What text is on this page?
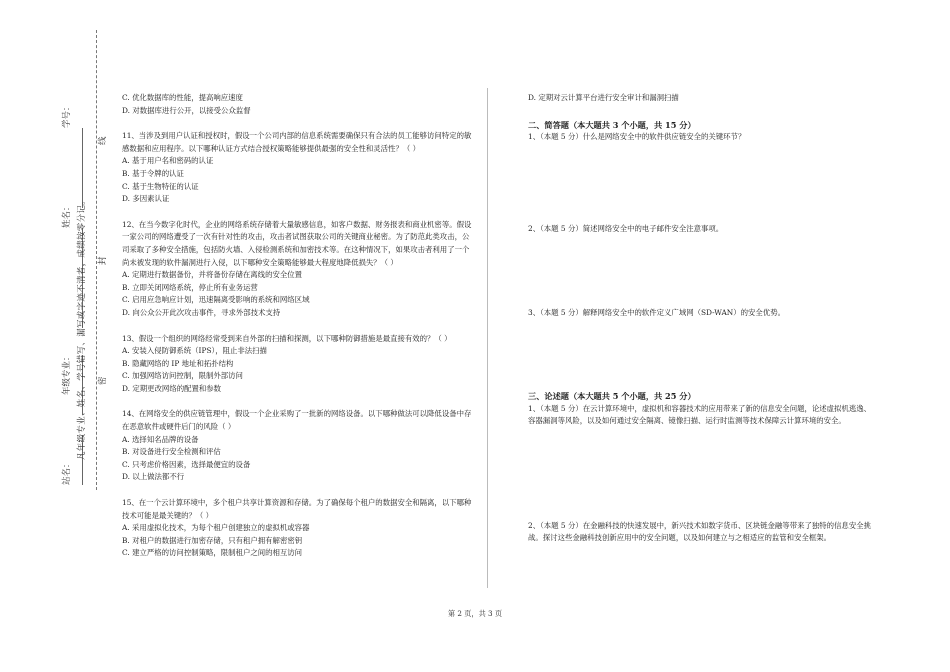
学号：
姓名：
年级专业： 凡年级专业、姓名、学号错写、漏写或字迹不清者，成绩按零分记。
线
封
密
站名：

C. 优化数据库的性能，提高响应速度

D. 对数据库进行公开，以接受公众监督

11、当涉及到用户认证和授权时，假设一个公司内部的信息系统需要确保只有合法的员工能够访问特定的敏感数据和应用程序。以下哪种认证方式结合授权策略能够提供最强的安全性和灵活性？（ ）

A. 基于用户名和密码的认证

B. 基于令牌的认证

C. 基于生物特征的认证

D. 多因素认证

12、在当今数字化时代，企业的网络系统存储着大量敏感信息，如客户数据、财务报表和商业机密等。假设一家公司的网络遭受了一次有针对性的攻击，攻击者试图获取公司的关键商业秘密。为了防范此类攻击，公司采取了多种安全措施，包括防火墙、入侵检测系统和加密技术等。在这种情况下，如果攻击者利用了一个尚未被发现的软件漏洞进行入侵，以下哪种安全策略能够最大程度地降低损失？（ ）

A. 定期进行数据备份，并将备份存储在离线的安全位置

B. 立即关闭网络系统，停止所有业务运营

C. 启用应急响应计划，迅速隔离受影响的系统和网络区域

D. 向公众公开此次攻击事件，寻求外部技术支持

13、假设一个组织的网络经常受到来自外部的扫描和探测，以下哪种防御措施是最直接有效的？（ ）

A. 安装入侵防御系统（IPS），阻止非法扫描

B. 隐藏网络的 IP 地址和拓扑结构

C. 加强网络访问控制，限制外部访问

D. 定期更改网络的配置和参数

14、在网络安全的供应链管理中，假设一个企业采购了一批新的网络设备。以下哪种做法可以降低设备中存在恶意软件或硬件后门的风险（ ）

A. 选择知名品牌的设备

B. 对设备进行安全检测和评估

C. 只考虑价格因素，选择最便宜的设备

D. 以上做法都不行

15、在一个云计算环境中，多个租户共享计算资源和存储。为了确保每个租户的数据安全和隔离，以下哪种技术可能是最关键的？（ ）

A. 采用虚拟化技术，为每个租户创建独立的虚拟机或容器

B. 对租户的数据进行加密存储，只有租户拥有解密密钥

C. 建立严格的访问控制策略，限制租户之间的相互访问

D. 定期对云计算平台进行安全审计和漏洞扫描

二、简答题（本大题共 3 个小题，共 15 分）

1、（本题 5 分）什么是网络安全中的软件供应链安全的关键环节？

2、（本题 5 分）简述网络安全中的电子邮件安全注意事项。

3、（本题 5 分）解释网络安全中的软件定义广域网（SD-WAN）的安全优势。

三、论述题（本大题共 5 个小题，共 25 分）

1、（本题 5 分）在云计算环境中，虚拟机和容器技术的应用带来了新的信息安全问题，论述虚拟机逃逸、容器漏洞等风险，以及如何通过安全隔离、镜像扫描、运行时监测等技术保障云计算环境的安全。

2、（本题 5 分）在金融科技的快速发展中，新兴技术如数字货币、区块链金融等带来了独特的信息安全挑战。探讨这些金融科技创新应用中的安全问题，以及如何建立与之相适应的监管和安全框架。

第 2 页，共 3 页
